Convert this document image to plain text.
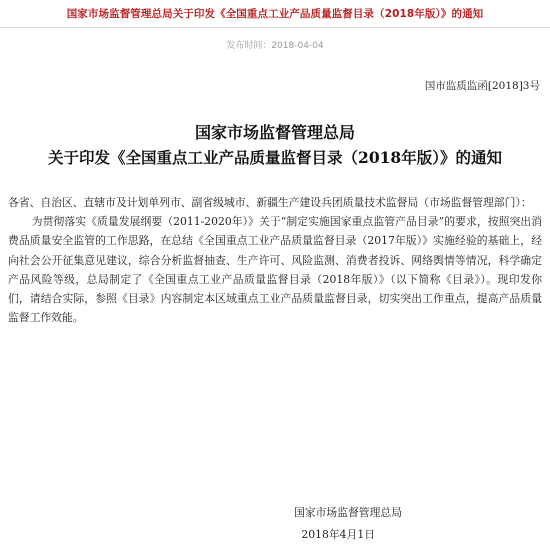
国家市场监督管理总局关于印发《全国重点工业产品质量监督目录（2018年版）》的通知
发布时间：2018-04-04
国市监质监函[2018]3号
国家市场监督管理总局
关于印发《全国重点工业产品质量监督目录（2018年版）》的通知

各省、自治区、直辖市及计划单列市、副省级城市、新疆生产建设兵团质量技术监督局（市场监督管理部门）：

为贯彻落实《质量发展纲要（2011-2020年）》关于“制定实施国家重点监管产品目录”的要求，按照突出消费品质量安全监管的工作思路，在总结《全国重点工业产品质量监督目录（2017年版）》实施经验的基础上，经向社会公开征集意见建议，综合分析监督抽查、生产许可、风险监测、消费者投诉、网络舆情等情况，科学确定产品风险等级，总局制定了《全国重点工业产品质量监督目录（2018年版）》（以下简称《目录》）。现印发你们，请结合实际，参照《目录》内容制定本区域重点工业产品质量监督目录，切实突出工作重点，提高产品质量监督工作效能。

国家市场监督管理总局
2018年4月1日
